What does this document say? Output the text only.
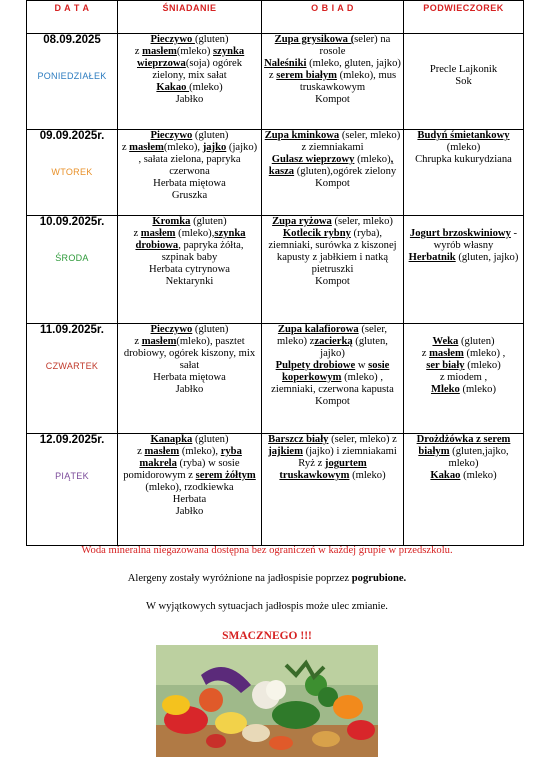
D A T A	ŚNIADANIE	O B I A D	PODWIECZOREK

08.09.2025
PONIEDZIAŁEK	Pieczywo (gluten)
z masłem(mleko) szynka wieprzowa(soja) ogórek zielony, mix sałat
Kakao (mleko)
Jabłko	Zupa grysikowa (seler) na rosole
Naleśniki (mleko, gluten, jajko) z serem białym (mleko), mus truskawkowym
Kompot	Precle Lajkonik
Sok

09.09.2025r.
WTOREK	Pieczywo (gluten)
z masłem(mleko), jajko (jajko) , sałata zielona, papryka czerwona
Herbata miętowa
Gruszka	Zupa kminkowa (seler, mleko) z ziemniakami
Gulasz wieprzowy (mleko), kasza (gluten),ogórek zielony
Kompot	Budyń śmietankowy (mleko)
Chrupka kukurydziana

10.09.2025r.
ŚRODA	Kromka (gluten)
z masłem (mleko),szynka drobiowa, papryka żółta, szpinak baby
Herbata cytrynowa
Nektarynki	Zupa ryżowa (seler, mleko)
Kotlecik rybny (ryba), ziemniaki, surówka z kiszonej kapusty z jabłkiem i natką pietruszki
Kompot	Jogurt brzoskwiniowy - wyrób własny
Herbatnik (gluten, jajko)

11.09.2025r.
CZWARTEK	Pieczywo (gluten)
z masłem(mleko), pasztet drobiowy, ogórek kiszony, mix sałat
Herbata miętowa
Jabłko	Zupa kalafiorowa (seler, mleko) zzacierką (gluten, jajko)
Pulpety drobiowe w sosie koperkowym (mleko) , ziemniaki, czerwona kapusta
Kompot	Weka (gluten)
z masłem (mleko) ,
ser biały (mleko)
z miodem ,
Mleko (mleko)

12.09.2025r.
PIĄTEK	Kanapka (gluten)
z masłem (mleko), ryba makrela (ryba) w sosie pomidorowym z serem żółtym (mleko), rzodkiewka
Herbata
Jabłko	Barszcz biały (seler, mleko) z jajkiem (jajko) i ziemniakami
Ryż z jogurtem truskawkowym (mleko)	Drożdżówka z serem białym (gluten,jajko, mleko)
Kakao (mleko)
Woda mineralna niegazowana dostępna bez ograniczeń w każdej grupie w przedszkolu.
Alergeny zostały wyróżnione na jadłospisie poprzez pogrubione.
W wyjątkowych sytuacjach jadłospis może ulec zmianie.
SMACZNEGO !!!
